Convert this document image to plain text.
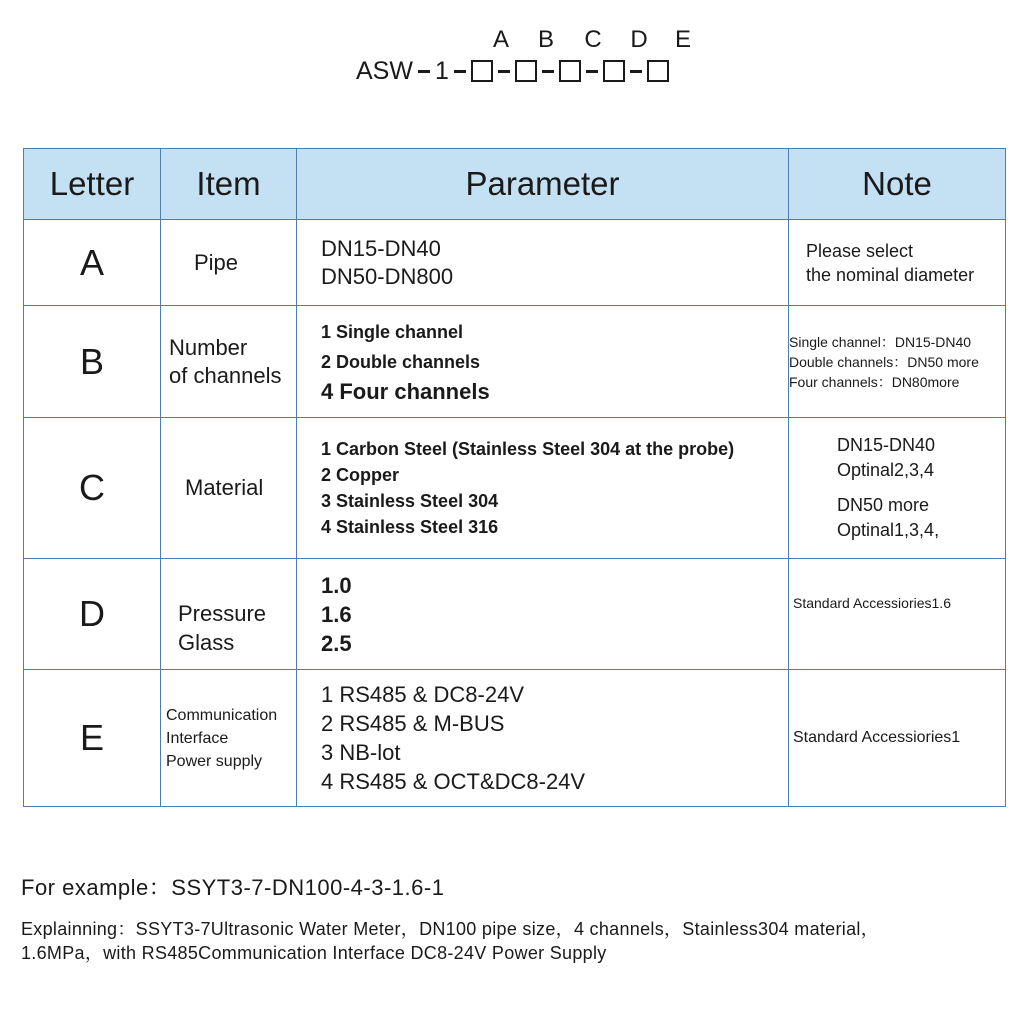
A B C D E
ASW 1
Letter	Item	Parameter	Note
A	Pipe	DN15-DN40
DN50-DN800	Please select
the nominal diameter

B	Number
of channels	1 Single channel
2 Double channels
4 Four channels	Single channel：DN15-DN40
Double channels：DN50 more
Four channels：DN80more

C	Material	1 Carbon Steel (Stainless Steel 304 at the probe)
2 Copper
3 Stainless Steel 304
4 Stainless Steel 316	DN15-DN40
Optinal2,3,4
DN50 more
Optinal1,3,4,

D	Pressure
Glass	1.0
1.6
2.5	Standard Accessiories1.6

E	Communication
Interface
Power supply	1 RS485 & DC8-24V
2 RS485 & M-BUS
3 NB-lot
4 RS485 & OCT&DC8-24V	Standard Accessiories1
For example：SSYT3-7-DN100-4-3-1.6-1
Explainning：SSYT3-7Ultrasonic Water Meter，DN100 pipe size，4 channels，Stainless304 material，1.6MPa，with RS485Communication Interface DC8-24V Power Supply
